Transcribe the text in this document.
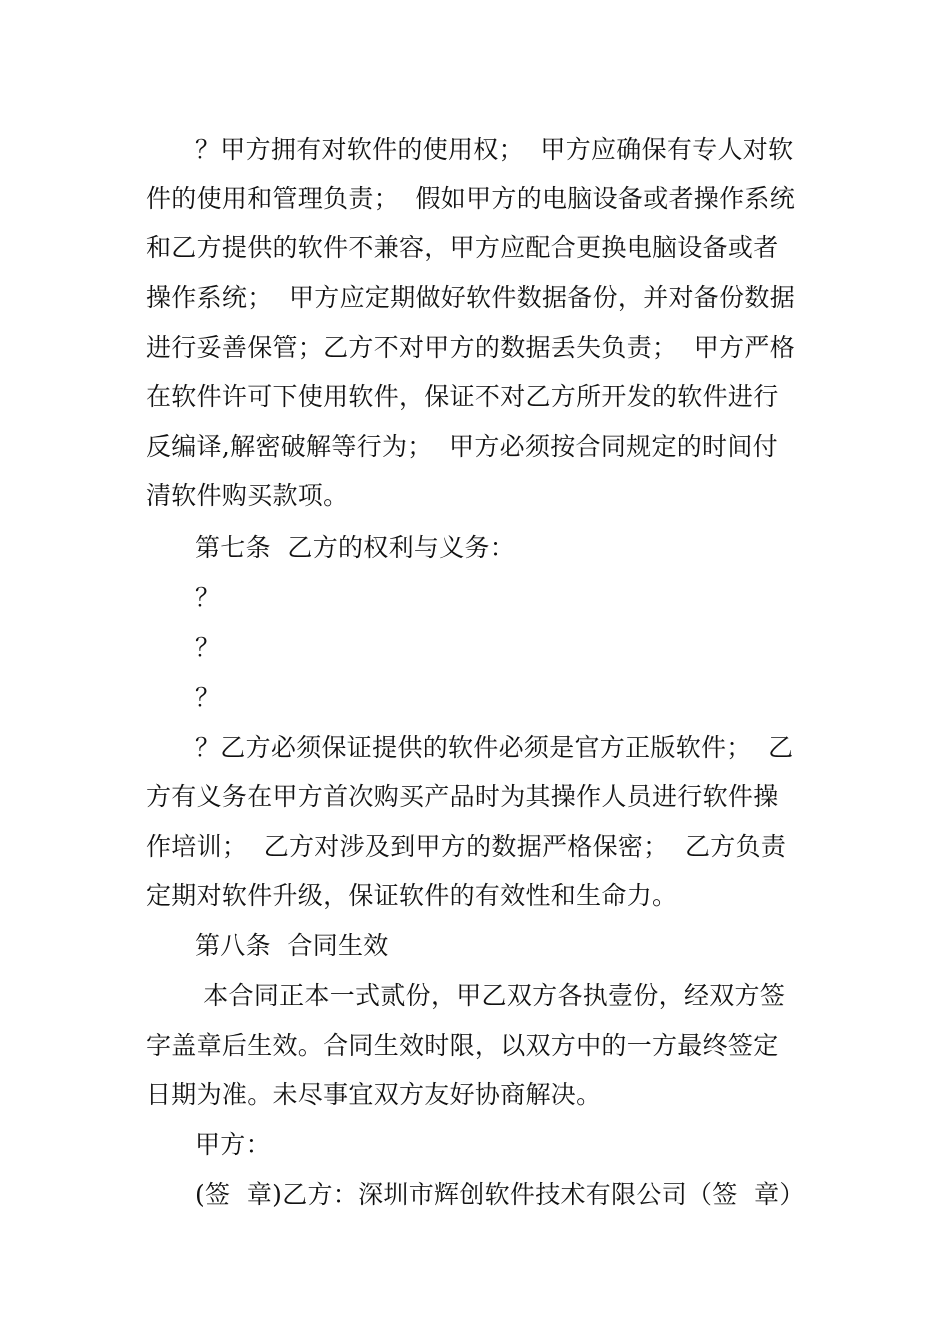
？甲方拥有对软件的使用权；  甲方应确保有专人对软
件的使用和管理负责；  假如甲方的电脑设备或者操作系统
和乙方提供的软件不兼容，甲方应配合更换电脑设备或者
操作系统；  甲方应定期做好软件数据备份，并对备份数据
进行妥善保管；乙方不对甲方的数据丢失负责；  甲方严格
在软件许可下使用软件，保证不对乙方所开发的软件进行
反编译,解密破解等行为；  甲方必须按合同规定的时间付
清软件购买款项。
第七条  乙方的权利与义务：
？
？
？
？乙方必须保证提供的软件必须是官方正版软件；  乙
方有义务在甲方首次购买产品时为其操作人员进行软件操
作培训；  乙方对涉及到甲方的数据严格保密；  乙方负责
定期对软件升级，保证软件的有效性和生命力。
第八条  合同生效
本合同正本一式贰份，甲乙双方各执壹份，经双方签
字盖章后生效。合同生效时限，以双方中的一方最终签定
日期为准。未尽事宜双方友好协商解决。
甲方：
(签  章)乙方：深圳市辉创软件技术有限公司（签  章）
